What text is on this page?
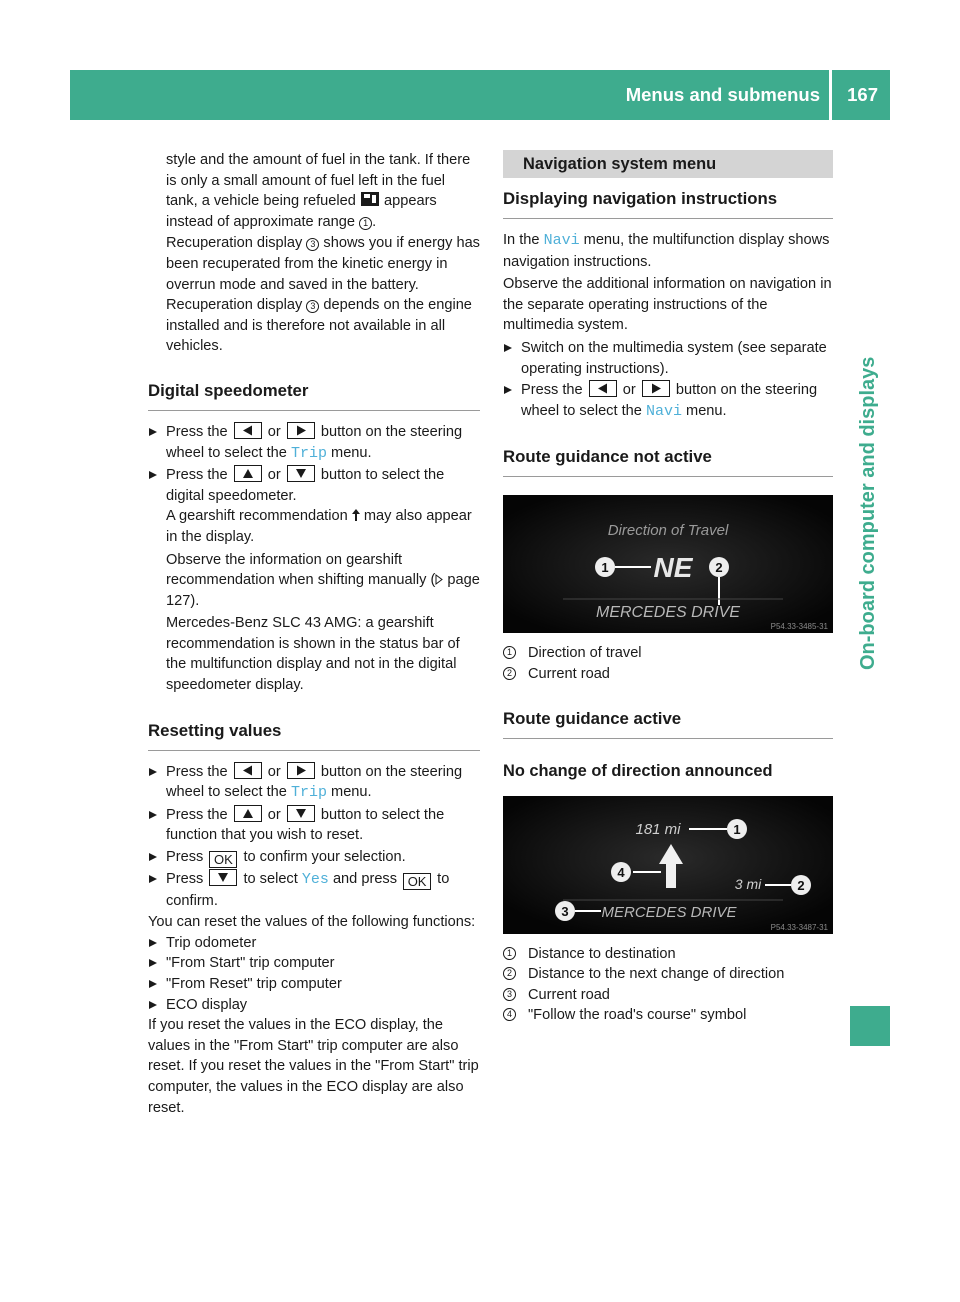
Menus and submenus 167
On-board computer and displays

style and the amount of fuel in the tank. If there is only a small amount of fuel left in the fuel tank, a vehicle being refueled appears instead of approximate range 1 .

Recuperation display 3 shows you if energy has been recuperated from the kinetic energy in overrun mode and saved in the battery.

Recuperation display 3 depends on the engine installed and is therefore not available in all vehicles.

Digital speedometer
Press the	or	button on the steering wheel to select the Trip menu.
Press the	or	button to select the digital speedometer.

A gearshift recommendation may also appear in the display.

Observe the information on gearshift recommendation when shifting manually ( page 127).

Mercedes-Benz SLC 43 AMG: a gearshift recommendation is shown in the status bar of the multifunction display and not in the digital speedometer display.

Resetting values
Press the	or	button on the steering wheel to select the Trip menu.
Press the	or	button to select the function that you wish to reset.
Press OK to confirm your selection.
Press	to select Yes and press OK to confirm.

You can reset the values of the following functions:

Trip odometer
"From Start" trip computer
"From Reset" trip computer
ECO display

If you reset the values in the ECO display, the values in the "From Start" trip computer are also reset. If you reset the values in the "From Start" trip computer, the values in the ECO display are also reset.

Navigation system menu
Displaying navigation instructions

In the Navi menu, the multifunction display shows navigation instructions.

Observe the additional information on navigation in the separate operating instructions of the multimedia system.

Switch on the multimedia system (see separate operating instructions).
Press the	or	button on the steering wheel to select the Navi menu.
Route guidance not active
Direction of Travel
NE
1	2
MERCEDES DRIVE
P54.33-3485-31
1 Direction of travel
2 Current road
Route guidance active
No change of direction announced
181 mi	1
4
3 mi	2
3 MERCEDES DRIVE
P54.33-3487-31
1 Distance to destination
2 Distance to the next change of direction
3 Current road
4 "Follow the road's course" symbol
